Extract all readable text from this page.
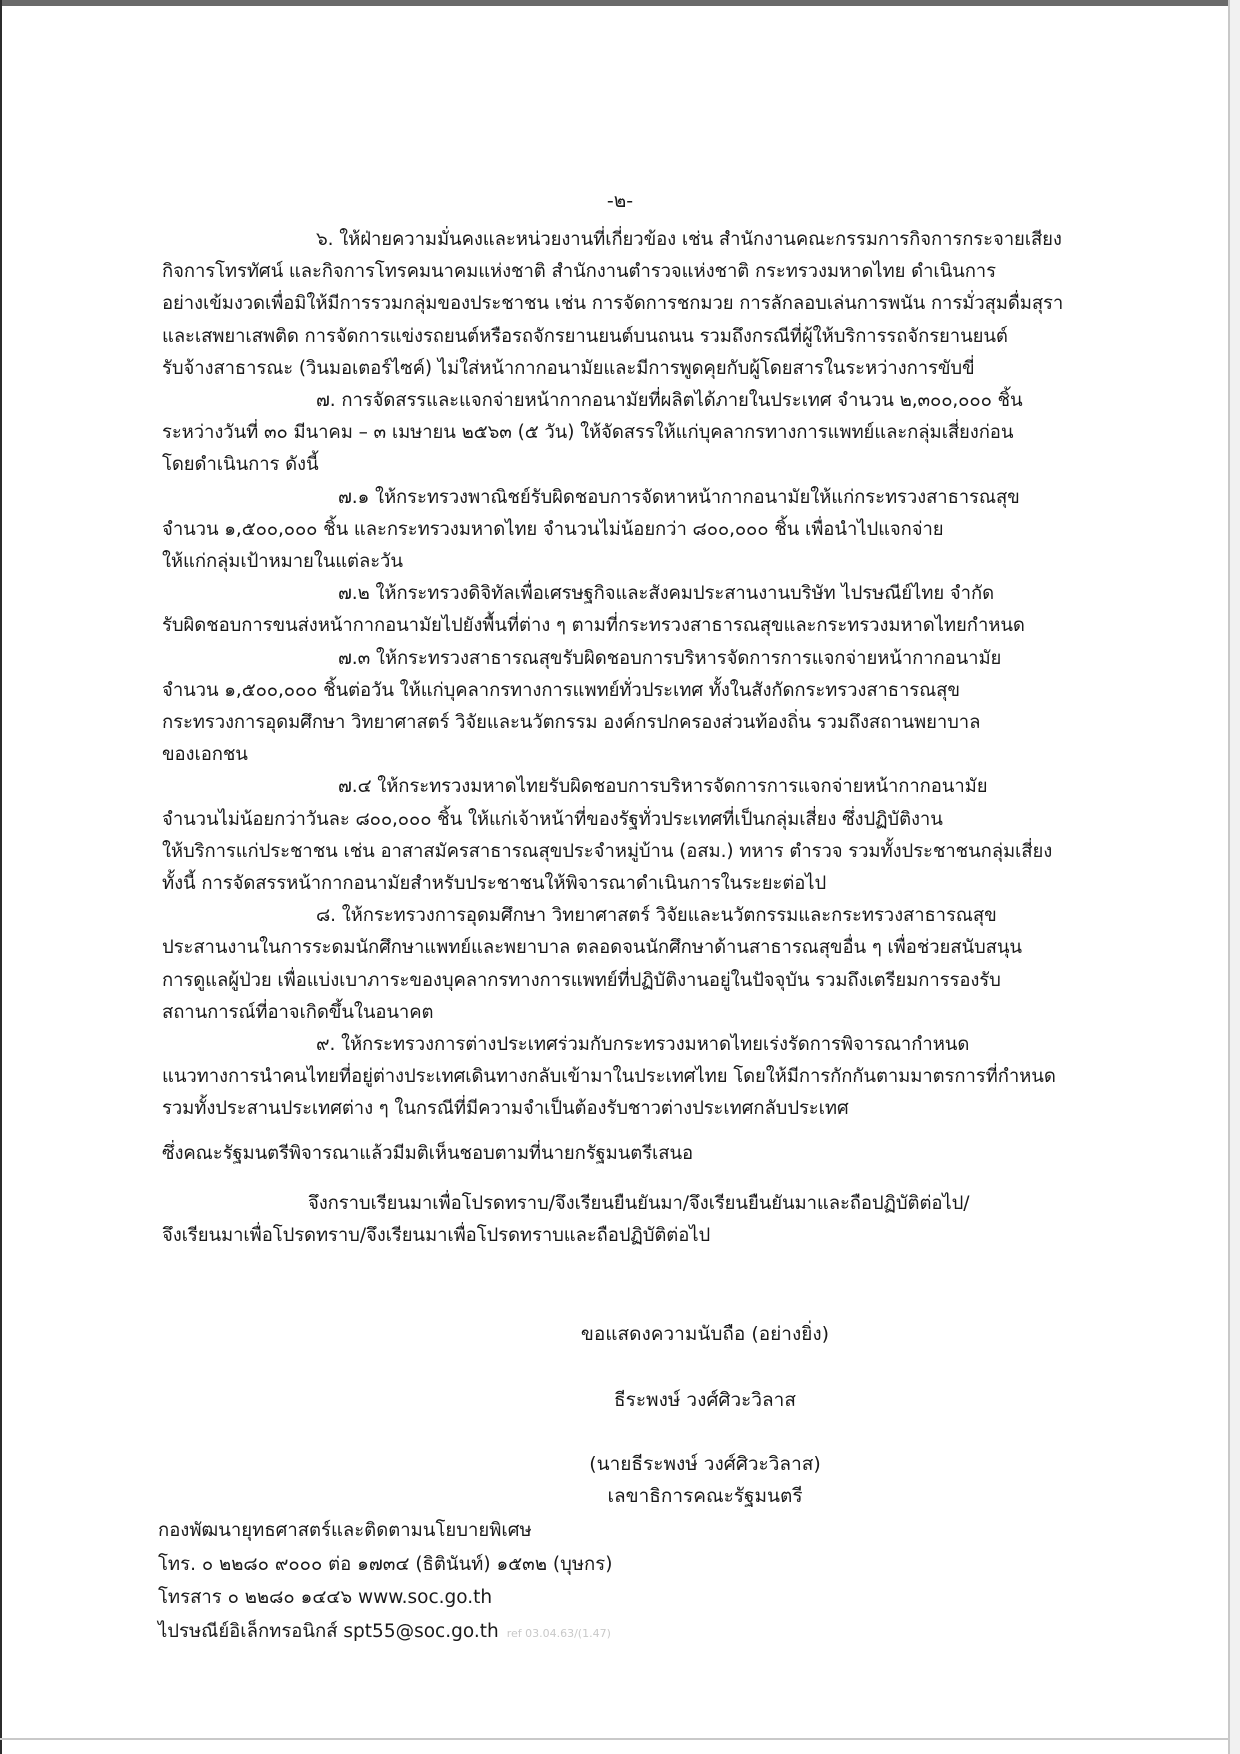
-๒-
๖. ให้ฝ่ายความมั่นคงและหน่วยงานที่เกี่ยวข้อง เช่น สำนักงานคณะกรรมการกิจการกระจายเสียง
กิจการโทรทัศน์ และกิจการโทรคมนาคมแห่งชาติ สำนักงานตำรวจแห่งชาติ กระทรวงมหาดไทย ดำเนินการ
อย่างเข้มงวดเพื่อมิให้มีการรวมกลุ่มของประชาชน เช่น การจัดการชกมวย การลักลอบเล่นการพนัน การมั่วสุมดื่มสุรา
และเสพยาเสพติด การจัดการแข่งรถยนต์หรือรถจักรยานยนต์บนถนน รวมถึงกรณีที่ผู้ให้บริการรถจักรยานยนต์
รับจ้างสาธารณะ (วินมอเตอร์ไซค์) ไม่ใส่หน้ากากอนามัยและมีการพูดคุยกับผู้โดยสารในระหว่างการขับขี่
๗. การจัดสรรและแจกจ่ายหน้ากากอนามัยที่ผลิตได้ภายในประเทศ จำนวน ๒,๓๐๐,๐๐๐ ชิ้น
ระหว่างวันที่ ๓๐ มีนาคม – ๓ เมษายน ๒๕๖๓ (๕ วัน) ให้จัดสรรให้แก่บุคลากรทางการแพทย์และกลุ่มเสี่ยงก่อน
โดยดำเนินการ ดังนี้
๗.๑ ให้กระทรวงพาณิชย์รับผิดชอบการจัดหาหน้ากากอนามัยให้แก่กระทรวงสาธารณสุข
จำนวน ๑,๕๐๐,๐๐๐ ชิ้น และกระทรวงมหาดไทย จำนวนไม่น้อยกว่า ๘๐๐,๐๐๐ ชิ้น เพื่อนำไปแจกจ่าย
ให้แก่กลุ่มเป้าหมายในแต่ละวัน
๗.๒ ให้กระทรวงดิจิทัลเพื่อเศรษฐกิจและสังคมประสานงานบริษัท ไปรษณีย์ไทย จำกัด
รับผิดชอบการขนส่งหน้ากากอนามัยไปยังพื้นที่ต่าง ๆ ตามที่กระทรวงสาธารณสุขและกระทรวงมหาดไทยกำหนด
๗.๓ ให้กระทรวงสาธารณสุขรับผิดชอบการบริหารจัดการการแจกจ่ายหน้ากากอนามัย
จำนวน ๑,๕๐๐,๐๐๐ ชิ้นต่อวัน ให้แก่บุคลากรทางการแพทย์ทั่วประเทศ ทั้งในสังกัดกระทรวงสาธารณสุข
กระทรวงการอุดมศึกษา วิทยาศาสตร์ วิจัยและนวัตกรรม องค์กรปกครองส่วนท้องถิ่น รวมถึงสถานพยาบาล
ของเอกชน
๗.๔ ให้กระทรวงมหาดไทยรับผิดชอบการบริหารจัดการการแจกจ่ายหน้ากากอนามัย
จำนวนไม่น้อยกว่าวันละ ๘๐๐,๐๐๐ ชิ้น ให้แก่เจ้าหน้าที่ของรัฐทั่วประเทศที่เป็นกลุ่มเสี่ยง ซึ่งปฏิบัติงาน
ให้บริการแก่ประชาชน เช่น อาสาสมัครสาธารณสุขประจำหมู่บ้าน (อสม.) ทหาร ตำรวจ รวมทั้งประชาชนกลุ่มเสี่ยง
ทั้งนี้ การจัดสรรหน้ากากอนามัยสำหรับประชาชนให้พิจารณาดำเนินการในระยะต่อไป
๘. ให้กระทรวงการอุดมศึกษา วิทยาศาสตร์ วิจัยและนวัตกรรมและกระทรวงสาธารณสุข
ประสานงานในการระดมนักศึกษาแพทย์และพยาบาล ตลอดจนนักศึกษาด้านสาธารณสุขอื่น ๆ เพื่อช่วยสนับสนุน
การดูแลผู้ป่วย เพื่อแบ่งเบาภาระของบุคลากรทางการแพทย์ที่ปฏิบัติงานอยู่ในปัจจุบัน รวมถึงเตรียมการรองรับ
สถานการณ์ที่อาจเกิดขึ้นในอนาคต
๙. ให้กระทรวงการต่างประเทศร่วมกับกระทรวงมหาดไทยเร่งรัดการพิจารณากำหนด
แนวทางการนำคนไทยที่อยู่ต่างประเทศเดินทางกลับเข้ามาในประเทศไทย โดยให้มีการกักกันตามมาตรการที่กำหนด
รวมทั้งประสานประเทศต่าง ๆ ในกรณีที่มีความจำเป็นต้องรับชาวต่างประเทศกลับประเทศ
ซึ่งคณะรัฐมนตรีพิจารณาแล้วมีมติเห็นชอบตามที่นายกรัฐมนตรีเสนอ
จึงกราบเรียนมาเพื่อโปรดทราบ/จึงเรียนยืนยันมา/จึงเรียนยืนยันมาและถือปฏิบัติต่อไป/
จึงเรียนมาเพื่อโปรดทราบ/จึงเรียนมาเพื่อโปรดทราบและถือปฏิบัติต่อไป
ขอแสดงความนับถือ (อย่างยิ่ง)
ธีระพงษ์ วงศ์ศิวะวิลาส
(นายธีระพงษ์ วงศ์ศิวะวิลาส)
เลขาธิการคณะรัฐมนตรี
กองพัฒนายุทธศาสตร์และติดตามนโยบายพิเศษ
โทร. ๐ ๒๒๘๐ ๙๐๐๐ ต่อ ๑๗๓๔ (ธิตินันท์) ๑๕๓๒ (บุษกร)
โทรสาร ๐ ๒๒๘๐ ๑๔๔๖ www.soc.go.th
ไปรษณีย์อิเล็กทรอนิกส์ spt55@soc.go.th ref 03.04.63/(1.47)
